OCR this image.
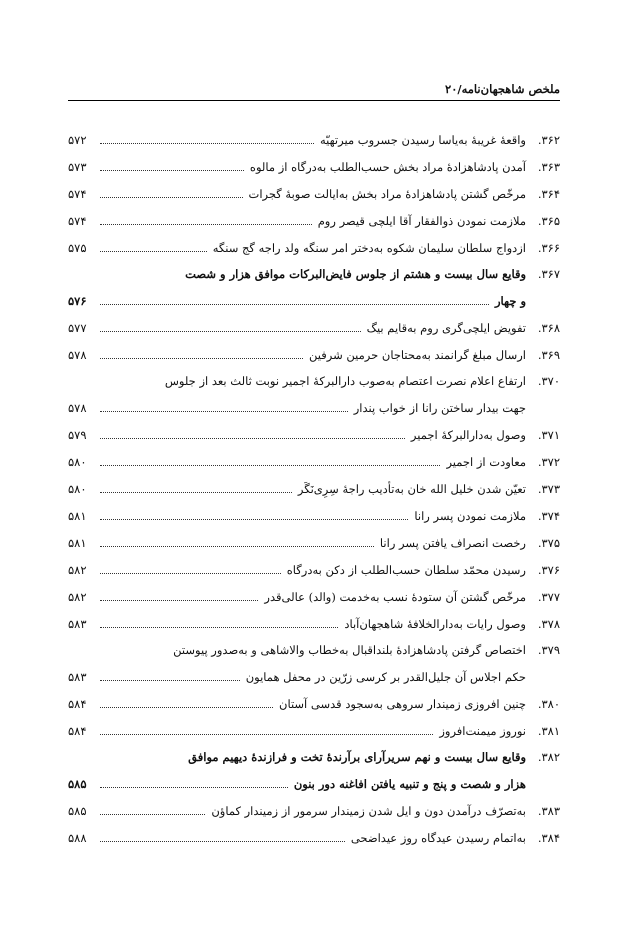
ملخص شاهجهان‌نامه/۲۰
۳۶۲.
واقعهٔ غریبهٔ به‌یاسا رسیدن جسروب میرتهیّه
۵۷۲
۳۶۳.
آمدن پادشاهزادهٔ مراد بخش حسب‌الطلب به‌درگاه از مالوه
۵۷۳
۳۶۴.
مرخّص گشتن پادشاهزادهٔ مراد بخش به‌ایالت صوبهٔ گجرات
۵۷۴
۳۶۵.
ملازمت نمودن ذوالفقار آقا ایلچی قیصر روم
۵۷۴
۳۶۶.
ازدواج سلطان سلیمان شکوه به‌دختر امر سنگه ولد راجه گج سنگه
۵۷۵
۳۶۷.
وقایع سال بیست و هشتم از جلوس فایض‌البرکات موافق هزار و شصت
و چهار
۵۷۶
۳۶۸.
تفویض ایلچی‌گری روم به‌قایم بیگ
۵۷۷
۳۶۹.
ارسال مبلغ گرانمند به‌محتاجان حرمین شرفین
۵۷۸
۳۷۰.
ارتفاع اعلام نصرت اعتصام به‌صوب دارالبرکهٔ اجمیر نوبت ثالث بعد از جلوس
جهت بیدار ساختن رانا از خواب پندار
۵۷۸
۳۷۱.
وصول به‌دارالبرکهٔ اجمیر
۵۷۹
۳۷۲.
معاودت از اجمیر
۵۸۰
۳۷۳.
تعیّن شدن خلیل الله خان به‌تأدیب راجهٔ سِرِی‌نَگَر
۵۸۰
۳۷۴.
ملازمت نمودن پسر رانا
۵۸۱
۳۷۵.
رخصت انصراف یافتن پسر رانا
۵۸۱
۳۷۶.
رسیدن محمّد سلطان حسب‌الطلب از دکن به‌درگاه
۵۸۲
۳۷۷.
مرخّص گشتن آن ستودهٔ نسب به‌خدمت (والد) عالی‌قدر
۵۸۲
۳۷۸.
وصول رایات به‌دارالخلافهٔ شاهجهان‌آباد
۵۸۳
۳۷۹.
اختصاص گرفتن پادشاهزادهٔ بلنداقبال به‌خطاب والاشاهی و به‌صدور پیوستن
حکم اجلاس آن جلیل‌القدر بر کرسی زرّین در محفل همایون
۵۸۳
۳۸۰.
چنین افروزی زمیندار سروهی به‌سجود قدسی آستان
۵۸۴
۳۸۱.
نوروز میمنت‌افروز
۵۸۴
۳۸۲.
وقایع سال بیست و نهم سریرآرای برآرندهٔ تخت و فرازندهٔ دیهیم موافق
هزار و شصت و پنج و تنبیه یافتن افاغنه دور بنون
۵۸۵
۳۸۳.
به‌تصرّف درآمدن دون و ایل شدن زمیندار سرمور از زمیندار کماؤن
۵۸۵
۳۸۴.
به‌اتمام رسیدن عیدگاه روز عیداضحی
۵۸۸
